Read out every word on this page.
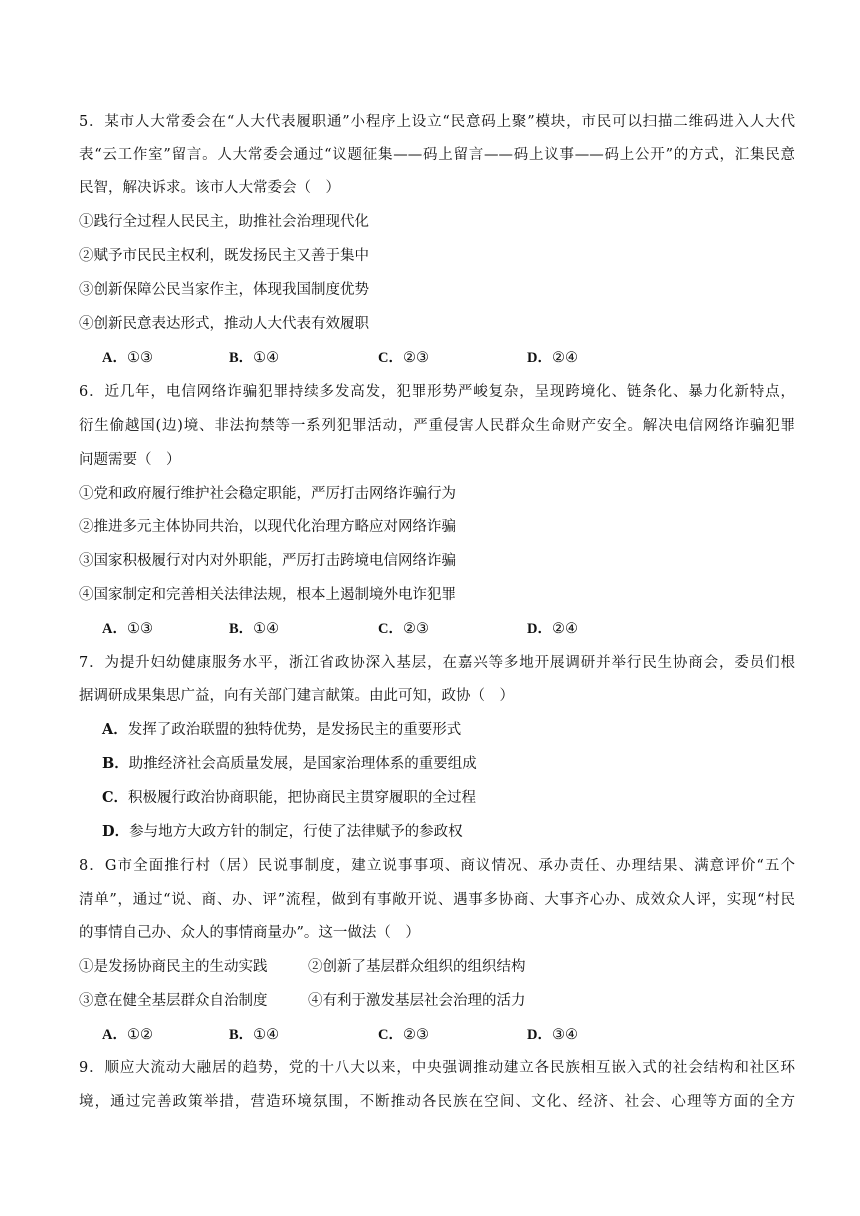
5．某市人大常委会在“人大代表履职通”小程序上设立“民意码上聚”模块，市民可以扫描二维码进入人大代
表“云工作室”留言。人大常委会通过“议题征集——码上留言——码上议事——码上公开”的方式，汇集民意
民智，解决诉求。该市人大常委会（　）
①践行全过程人民民主，助推社会治理现代化
②赋予市民民主权利，既发扬民主又善于集中
③创新保障公民当家作主，体现我国制度优势
④创新民意表达形式，推动人大代表有效履职
A．①③	B．①④	C．②③	D．②④
6．近几年，电信网络诈骗犯罪持续多发高发，犯罪形势严峻复杂，呈现跨境化、链条化、暴力化新特点，
衍生偷越国(边)境、非法拘禁等一系列犯罪活动，严重侵害人民群众生命财产安全。解决电信网络诈骗犯罪
问题需要（　）
①党和政府履行维护社会稳定职能，严厉打击网络诈骗行为
②推进多元主体协同共治，以现代化治理方略应对网络诈骗
③国家积极履行对内对外职能，严厉打击跨境电信网络诈骗
④国家制定和完善相关法律法规，根本上遏制境外电诈犯罪
A．①③	B．①④	C．②③	D．②④
7．为提升妇幼健康服务水平，浙江省政协深入基层，在嘉兴等多地开展调研并举行民生协商会，委员们根
据调研成果集思广益，向有关部门建言献策。由此可知，政协（　）
A．发挥了政治联盟的独特优势，是发扬民主的重要形式
B．助推经济社会高质量发展，是国家治理体系的重要组成
C．积极履行政治协商职能，把协商民主贯穿履职的全过程
D．参与地方大政方针的制定，行使了法律赋予的参政权
8．G市全面推行村（居）民说事制度，建立说事事项、商议情况、承办责任、办理结果、满意评价“五个
清单”，通过“说、商、办、评”流程，做到有事敞开说、遇事多协商、大事齐心办、成效众人评，实现“村民
的事情自己办、众人的事情商量办”。这一做法（　）
①是发扬协商民主的生动实践	②创新了基层群众组织的组织结构
③意在健全基层群众自治制度	④有利于激发基层社会治理的活力
A．①②	B．①④	C．②③	D．③④
9．顺应大流动大融居的趋势，党的十八大以来，中央强调推动建立各民族相互嵌入式的社会结构和社区环
境，通过完善政策举措，营造环境氛围，不断推动各民族在空间、文化、经济、社会、心理等方面的全方
